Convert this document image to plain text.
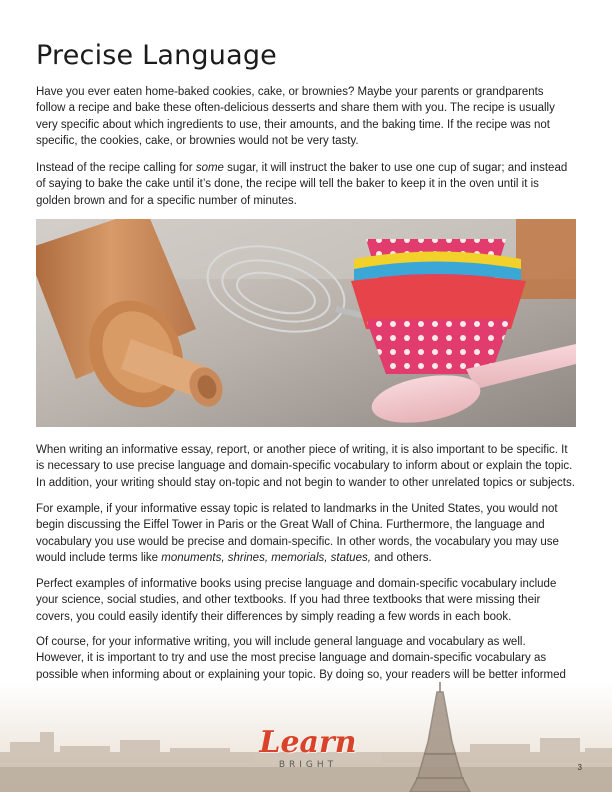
Precise Language

Have you ever eaten home-baked cookies, cake, or brownies? Maybe your parents or grandparents follow a recipe and bake these often-delicious desserts and share them with you. The recipe is usually very specific about which ingredients to use, their amounts, and the baking time. If the recipe was not specific, the cookies, cake, or brownies would not be very tasty.

Instead of the recipe calling for some sugar, it will instruct the baker to use one cup of sugar; and instead of saying to bake the cake until it’s done, the recipe will tell the baker to keep it in the oven until it is golden brown and for a specific number of minutes.

When writing an informative essay, report, or another piece of writing, it is also important to be specific. It is necessary to use precise language and domain-specific vocabulary to inform about or explain the topic. In addition, your writing should stay on-topic and not begin to wander to other unrelated topics or subjects.

For example, if your informative essay topic is related to landmarks in the United States, you would not begin discussing the Eiffel Tower in Paris or the Great Wall of China. Furthermore, the language and vocabulary you use would be precise and domain-specific. In other words, the vocabulary you may use would include terms like monuments, shrines, memorials, statues, and others.

Perfect examples of informative books using precise language and domain-specific vocabulary include your science, social studies, and other textbooks. If you had three textbooks that were missing their covers, you could easily identify their differences by simply reading a few words in each book.

Of course, for your informative writing, you will include general language and vocabulary as well. However, it is important to try and use the most precise language and domain-specific vocabulary as possible when informing about or explaining your topic. By doing so, your readers will be better informed

Learn
BRIGHT	3
